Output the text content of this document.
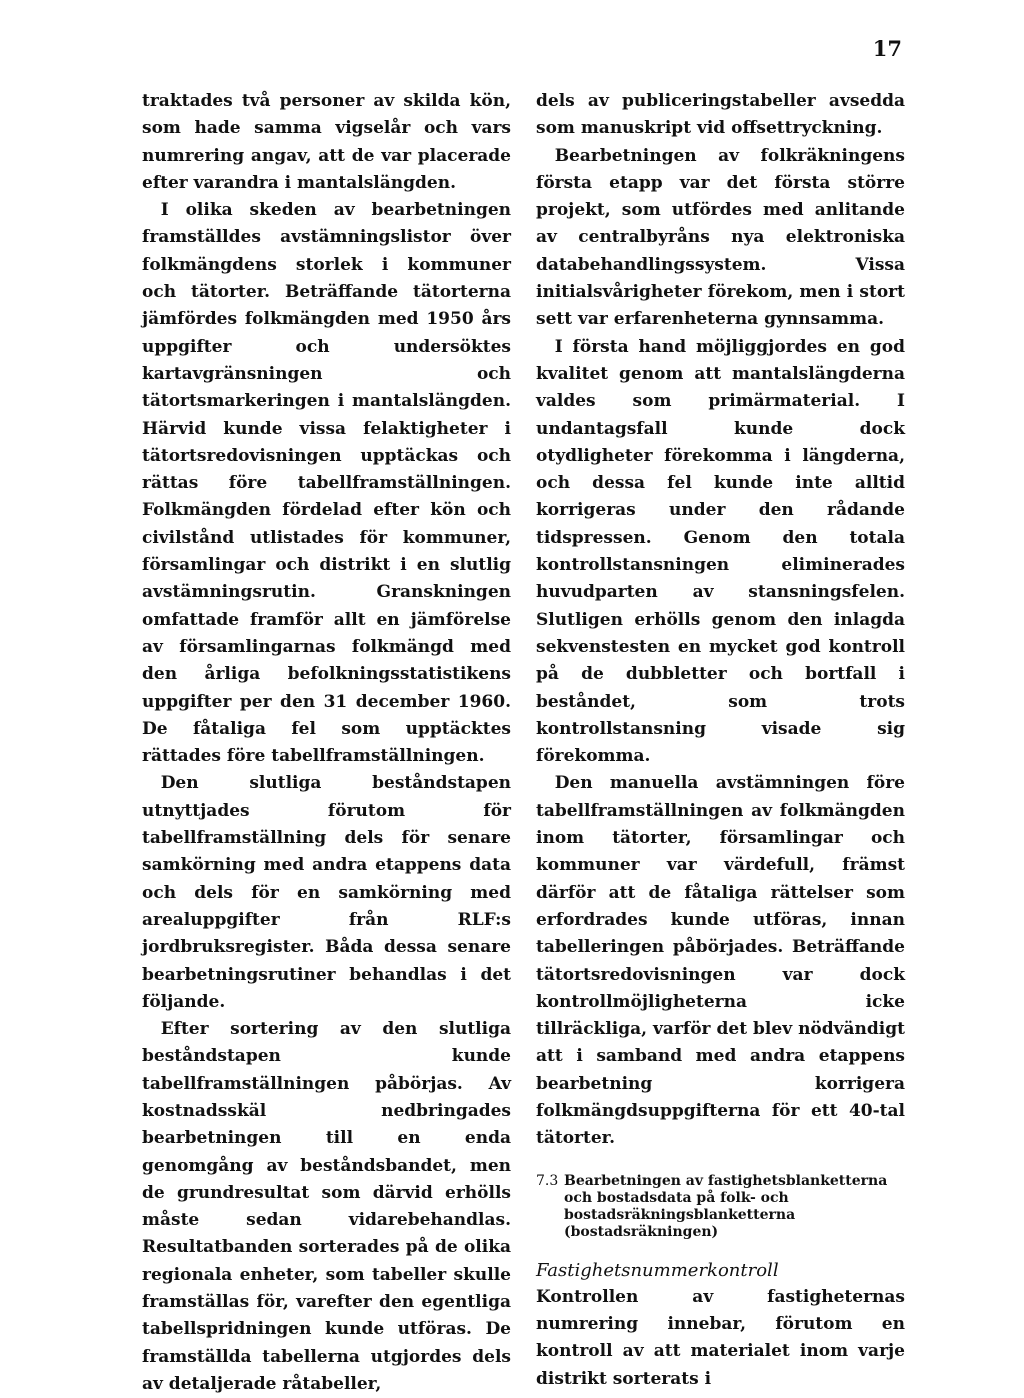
17

traktades två personer av skilda kön, som hade samma vigselår och vars numrering angav, att de var placerade efter varandra i mantalslängden.

I olika skeden av bearbetningen framställdes avstämningslistor över folkmängdens storlek i kommuner och tätorter. Beträffande tätorterna jämfördes folkmängden med 1950 års uppgifter och undersöktes kartavgränsningen och tätortsmarkeringen i mantalslängden. Härvid kunde vissa felaktigheter i tätortsredovisningen upptäckas och rättas före tabellframställningen. Folkmängden fördelad efter kön och civilstånd utlistades för kommuner, församlingar och distrikt i en slutlig avstämningsrutin. Granskningen omfattade framför allt en jämförelse av församlingarnas folkmängd med den årliga befolkningsstatistikens uppgifter per den 31 december 1960. De fåtaliga fel som upptäcktes rättades före tabellframställningen.

Den slutliga beståndstapen utnyttjades förutom för tabellframställning dels för senare samkörning med andra etappens data och dels för en samkörning med arealuppgifter från RLF:s jordbruksregister. Båda dessa senare bearbetningsrutiner behandlas i det följande.

Efter sortering av den slutliga beståndstapen kunde tabellframställningen påbörjas. Av kostnadsskäl nedbringades bearbetningen till en enda genomgång av beståndsbandet, men de grundresultat som därvid erhölls måste sedan vidarebehandlas. Resultatbanden sorterades på de olika regionala enheter, som tabeller skulle framställas för, varefter den egentliga tabellspridningen kunde utföras. De framställda tabellerna utgjordes dels av detaljerade råtabeller,

dels av publiceringstabeller avsedda som manuskript vid offsettryckning.

Bearbetningen av folkräkningens första etapp var det första större projekt, som utfördes med anlitande av centralbyråns nya elektroniska databehandlingssystem. Vissa initialsvårigheter förekom, men i stort sett var erfarenheterna gynnsamma.

I första hand möjliggjordes en god kvalitet genom att mantalslängderna valdes som primärmaterial. I undantagsfall kunde dock otydligheter förekomma i längderna, och dessa fel kunde inte alltid korrigeras under den rådande tidspressen. Genom den totala kontrollstansningen eliminerades huvudparten av stansningsfelen. Slutligen erhölls genom den inlagda sekvenstesten en mycket god kontroll på de dubbletter och bortfall i beståndet, som trots kontrollstansning visade sig förekomma.

Den manuella avstämningen före tabellframställningen av folkmängden inom tätorter, församlingar och kommuner var värdefull, främst därför att de fåtaliga rättelser som erfordrades kunde utföras, innan tabelleringen påbörjades. Beträffande tätortsredovisningen var dock kontrollmöjligheterna icke tillräckliga, varför det blev nödvändigt att i samband med andra etappens bearbetning korrigera folkmängdsuppgifterna för ett 40-tal tätorter.

7.3 Bearbetningen av fastighetsblanketterna och bostadsdata på folk- och bostadsräkningsblanketterna (bostadsräkningen)
Fastighetsnummerkontroll

Kontrollen av fastigheternas numrering innebar, förutom en kontroll av att materialet inom varje distrikt sorterats i
